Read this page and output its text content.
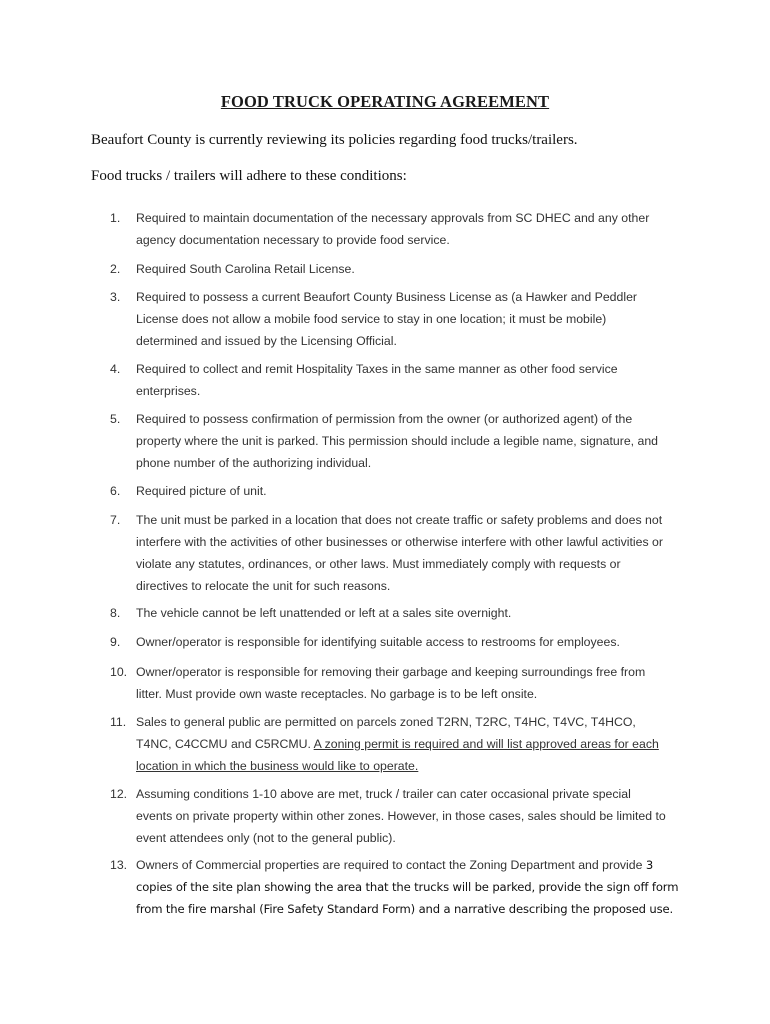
FOOD TRUCK OPERATING AGREEMENT
Beaufort County is currently reviewing its policies regarding food trucks/trailers.
Food trucks / trailers will adhere to these conditions:
1.	Required to maintain documentation of the necessary approvals from SC DHEC and any other
agency documentation necessary to provide food service.
2.	Required South Carolina Retail License.
3.	Required to possess a current Beaufort County Business License as (a Hawker and Peddler
License does not allow a mobile food service to stay in one location; it must be mobile)
determined and issued by the Licensing Official.
4.	Required to collect and remit Hospitality Taxes in the same manner as other food service
enterprises.
5.	Required to possess confirmation of permission from the owner (or authorized agent) of the
property where the unit is parked. This permission should include a legible name, signature, and
phone number of the authorizing individual.
6.	Required picture of unit.
7.	The unit must be parked in a location that does not create traffic or safety problems and does not
interfere with the activities of other businesses or otherwise interfere with other lawful activities or
violate any statutes, ordinances, or other laws. Must immediately comply with requests or
directives to relocate the unit for such reasons.
8.	The vehicle cannot be left unattended or left at a sales site overnight.
9.	Owner/operator is responsible for identifying suitable access to restrooms for employees.
10. Owner/operator is responsible for removing their garbage and keeping surroundings free from
litter. Must provide own waste receptacles. No garbage is to be left onsite.
11. Sales to general public are permitted on parcels zoned T2RN, T2RC, T4HC, T4VC, T4HCO,
T4NC, C4CCMU and C5RCMU. A zoning permit is required and will list approved areas for each
location in which the business would like to operate.
12. Assuming conditions 1-10 above are met, truck / trailer can cater occasional private special
events on private property within other zones. However, in those cases, sales should be limited to
event attendees only (not to the general public).
13. Owners of Commercial properties are required to contact the Zoning Department and provide 3
copies of the site plan showing the area that the trucks will be parked, provide the sign off form
from the fire marshal (Fire Safety Standard Form) and a narrative describing the proposed use.
